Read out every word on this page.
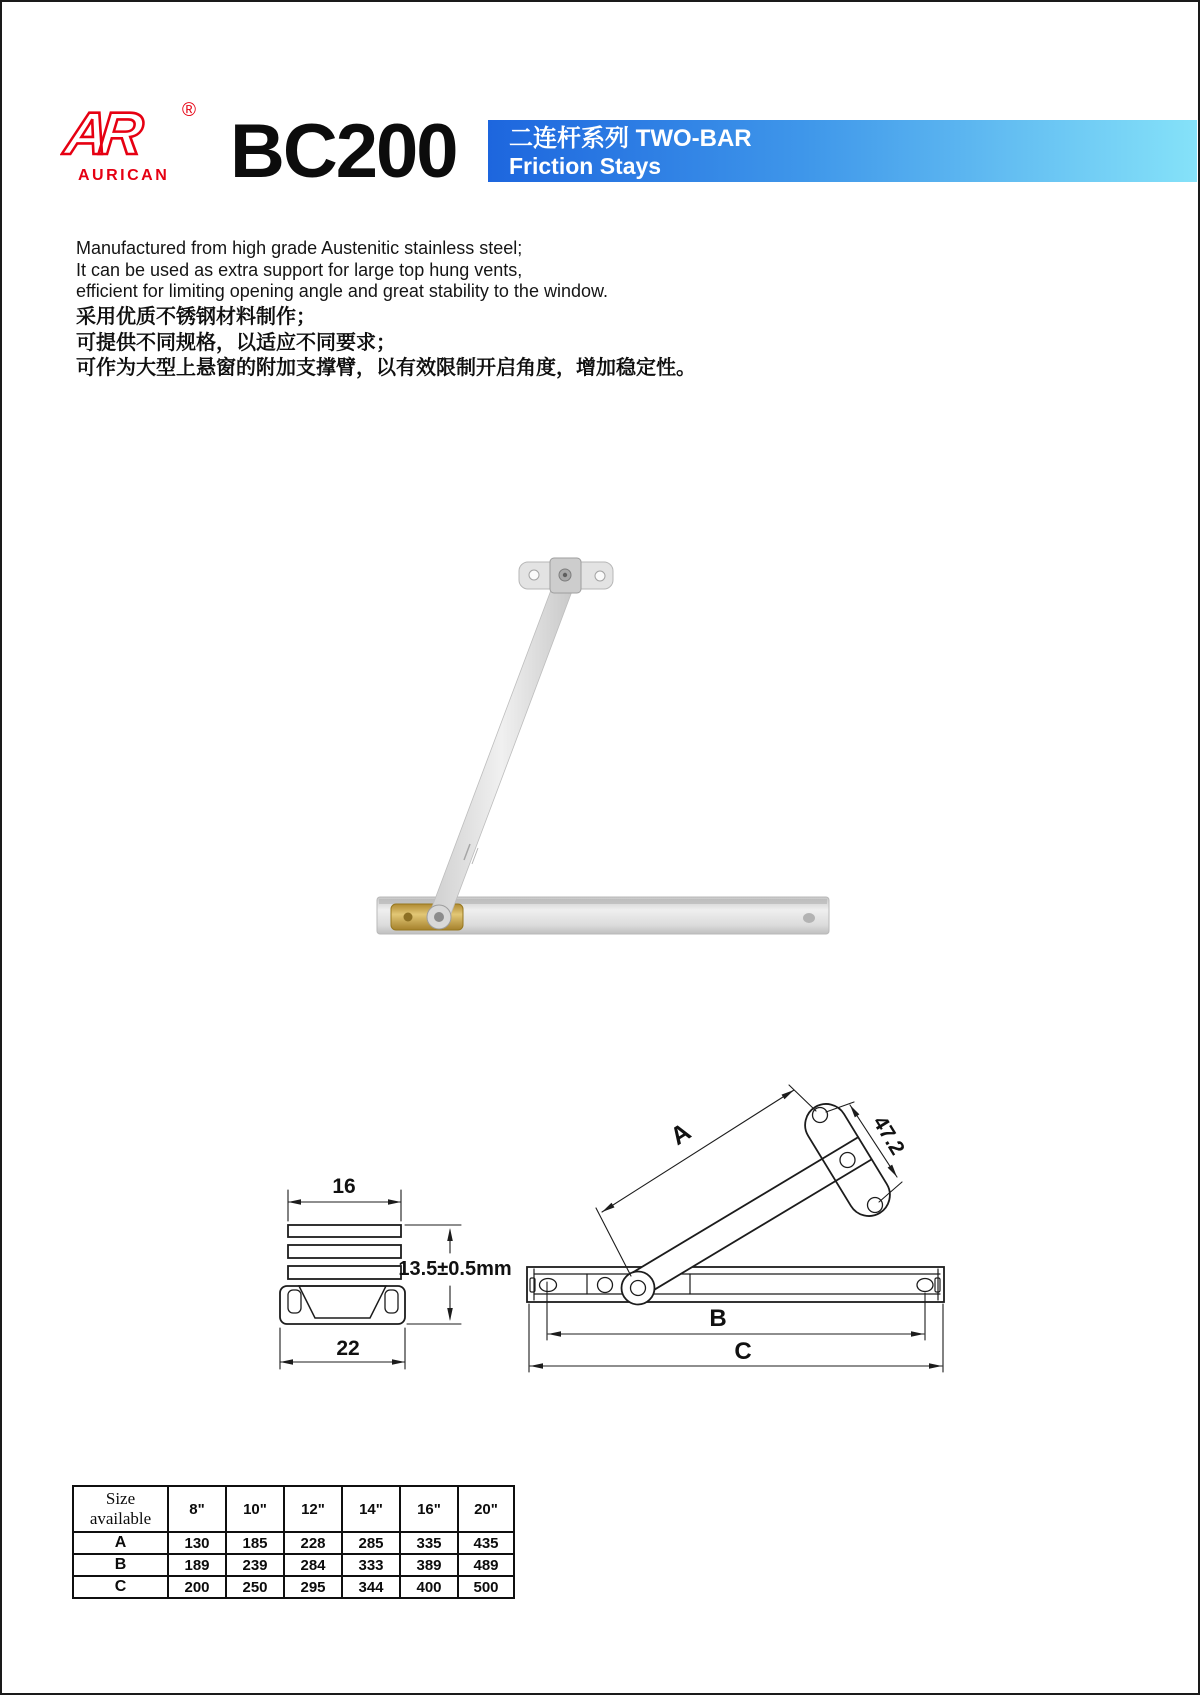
AR	®
AURICAN BC200 二连杆系列 TWO-BAR
Friction Stays
Manufactured from high grade Austenitic stainless steel;
It can be used as extra support for large top hung vents,
efficient for limiting opening angle and great stability to the window.
采用优质不锈钢材料制作；
可提供不同规格，以适应不同要求；
可作为大型上悬窗的附加支撑臂，以有效限制开启角度，增加稳定性。
16
13.5±0.5mm
22
A	47.2
B
C
Size available	8"	10"	12"	14"	16"	20"
A	130	185	228	285	335	435
B	189	239	284	333	389	489
C	200	250	295	344	400	500
